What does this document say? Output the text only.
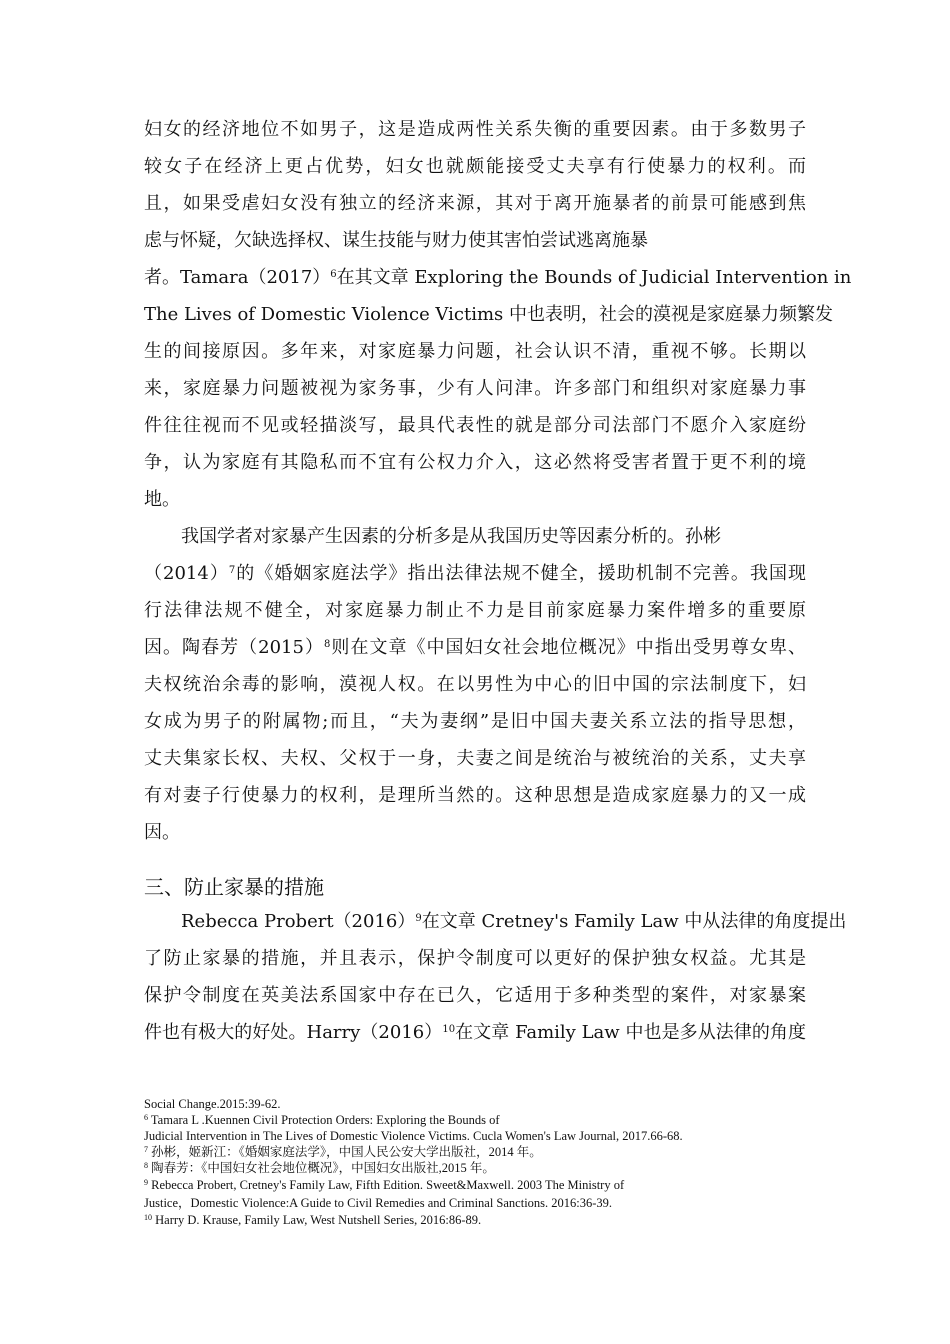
妇女的经济地位不如男子，这是造成两性关系失衡的重要因素。由于多数男子
较女子在经济上更占优势，妇女也就颇能接受丈夫享有行使暴力的权利。而
且，如果受虐妇女没有独立的经济来源，其对于离开施暴者的前景可能感到焦
虑与怀疑，欠缺选择权、谋生技能与财力使其害怕尝试逃离施暴
者。$Tamara(2017)^6$在其文章 Exploring the Bounds of Judicial Intervention in
The Lives of Domestic Violence Victims 中也表明，社会的漠视是家庭暴力频繁发
生的间接原因。多年来，对家庭暴力问题，社会认识不清，重视不够。长期以
来，家庭暴力问题被视为家务事，少有人问津。许多部门和组织对家庭暴力事
件往往视而不见或轻描淡写，最具代表性的就是部分司法部门不愿介入家庭纷
争，认为家庭有其隐私而不宜有公权力介入，这必然将受害者置于更不利的境
地。
我国学者对家暴产生因素的分析多是从我国历史等因素分析的。孙彬
$(2014)^7$的《婚姻家庭法学》指出法律法规不健全，援助机制不完善。我国现
行法律法规不健全，对家庭暴力制止不力是目前家庭暴力案件增多的重要原
因。陶春芳$(2015)^8$则在文章《中国妇女社会地位概况》中指出受男尊女卑、
夫权统治余毒的影响，漠视人权。在以男性为中心的旧中国的宗法制度下，妇
女成为男子的附属物;而且，“夫为妻纲”是旧中国夫妻关系立法的指导思想，
丈夫集家长权、夫权、父权于一身，夫妻之间是统治与被统治的关系，丈夫享
有对妻子行使暴力的权利，是理所当然的。这种思想是造成家庭暴力的又一成
因。
三、防止家暴的措施
Rebecca $Probert(2016)^9$在文章 Cretney's Family Law 中从法律的角度提出
了防止家暴的措施，并且表示，保护令制度可以更好的保护独女权益。尤其是
保护令制度在英美法系国家中存在已久，它适用于多种类型的案件，对家暴案
件也有极大的好处。$Harry(2016)^{10}$在文章 Family Law 中也是多从法律的角度
Social Change.2015:39-62.
$^6$ Tamara L .Kuennen Civil Protection Orders: Exploring the Bounds of
Judicial Intervention in The Lives of Domestic Violence Victims. Cucla Women's Law Journal, 2017.66-68.
$^7$ 孙彬，姬新江：《婚姻家庭法学》，中国人民公安大学出版社，2014 年。
$^8$ 陶春芳：《中国妇女社会地位概况》，中国妇女出版社,2015 年。
$^9$ Rebecca Probert, Cretney's Family Law, Fifth Edition. Sweet&Maxwell. 2003 The Ministry of
Justice，Domestic Violence:A Guide to Civil Remedies and Criminal Sanctions. 2016:36-39.
$^{10}$ Harry D. Krause, Family Law, West Nutshell Series, 2016:86-89.
